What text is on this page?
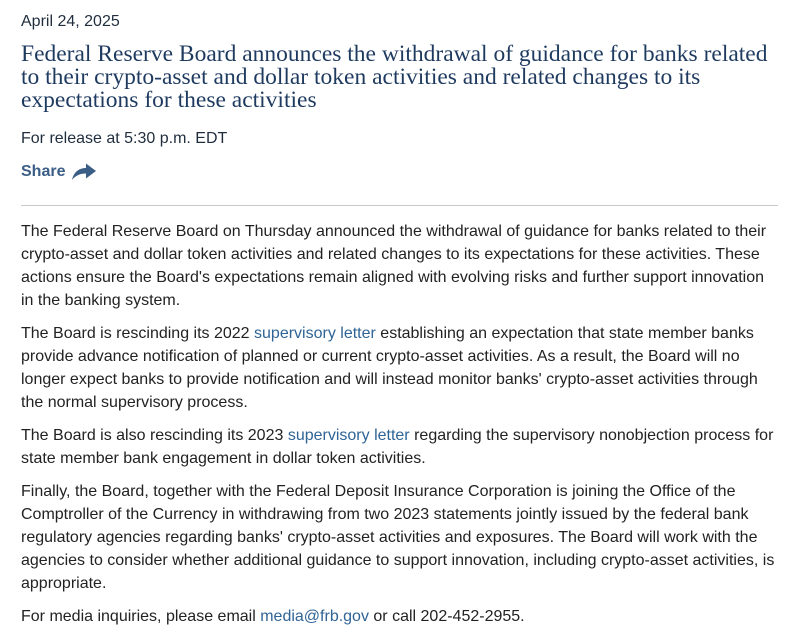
April 24, 2025
Federal Reserve Board announces the withdrawal of guidance for banks related to their crypto-asset and dollar token activities and related changes to its expectations for these activities
For release at 5:30 p.m. EDT
Share

The Federal Reserve Board on Thursday announced the withdrawal of guidance for banks related to their crypto-asset and dollar token activities and related changes to its expectations for these activities. These actions ensure the Board's expectations remain aligned with evolving risks and further support innovation in the banking system.

The Board is rescinding its 2022 supervisory letter establishing an expectation that state member banks provide advance notification of planned or current crypto-asset activities. As a result, the Board will no longer expect banks to provide notification and will instead monitor banks' crypto-asset activities through the normal supervisory process.

The Board is also rescinding its 2023 supervisory letter regarding the supervisory nonobjection process for state member bank engagement in dollar token activities.

Finally, the Board, together with the Federal Deposit Insurance Corporation is joining the Office of the Comptroller of the Currency in withdrawing from two 2023 statements jointly issued by the federal bank regulatory agencies regarding banks' crypto-asset activities and exposures. The Board will work with the agencies to consider whether additional guidance to support innovation, including crypto-asset activities, is appropriate.

For media inquiries, please email media@frb.gov or call 202-452-2955.
